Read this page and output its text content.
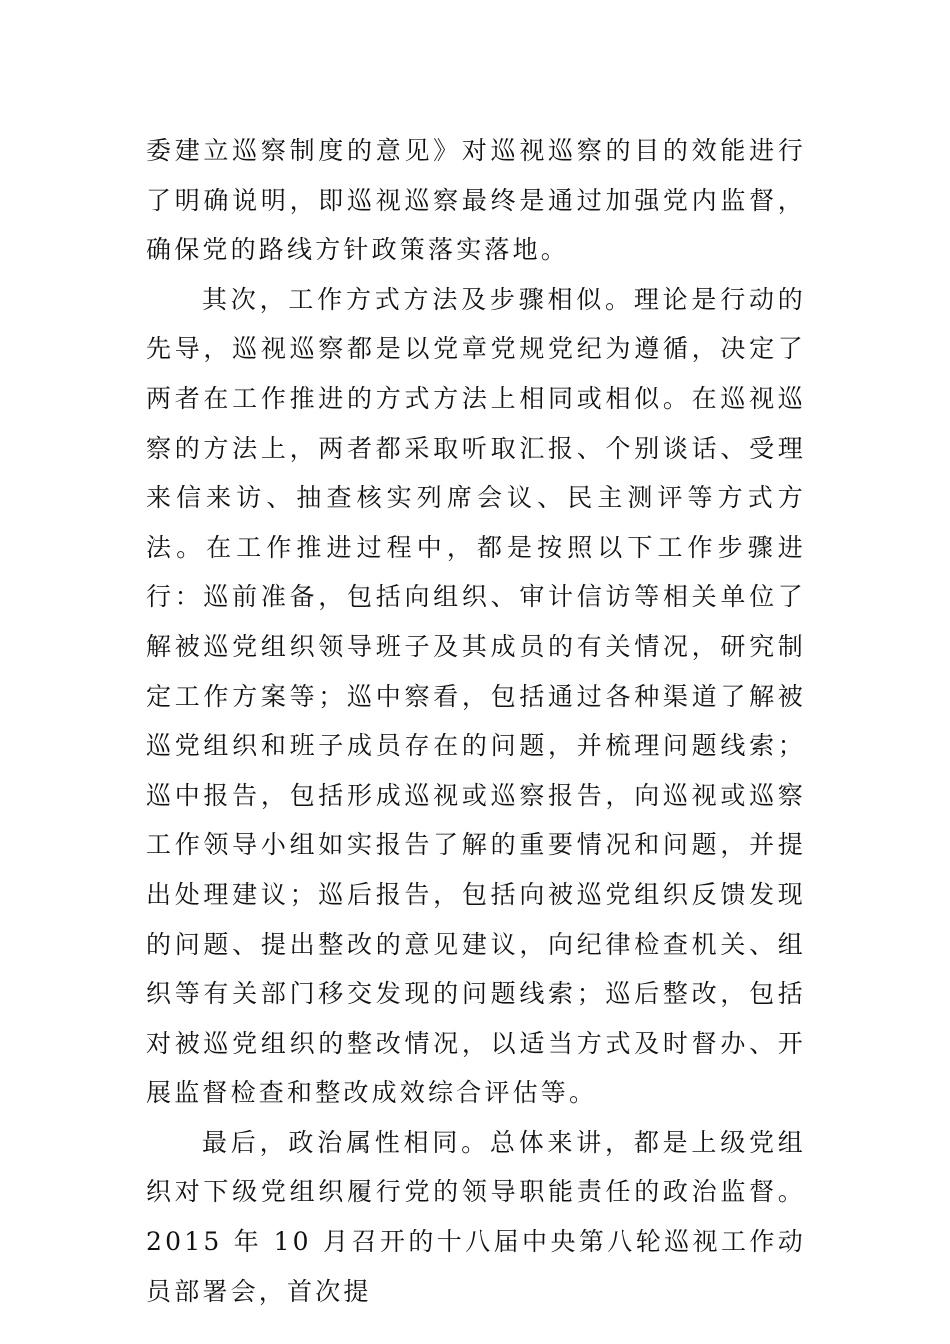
委建立巡察制度的意见》对巡视巡察的目的效能进行了明确说明，即巡视巡察最终是通过加强党内监督，确保党的路线方针政策落实落地。

其次，工作方式方法及步骤相似。理论是行动的先导，巡视巡察都是以党章党规党纪为遵循，决定了两者在工作推进的方式方法上相同或相似。在巡视巡察的方法上，两者都采取听取汇报、个别谈话、受理来信来访、抽查核实列席会议、民主测评等方式方法。在工作推进过程中，都是按照以下工作步骤进行：巡前准备，包括向组织、审计信访等相关单位了解被巡党组织领导班子及其成员的有关情况，研究制定工作方案等；巡中察看，包括通过各种渠道了解被巡党组织和班子成员存在的问题，并梳理问题线索；巡中报告，包括形成巡视或巡察报告，向巡视或巡察工作领导小组如实报告了解的重要情况和问题，并提出处理建议；巡后报告，包括向被巡党组织反馈发现的问题、提出整改的意见建议，向纪律检查机关、组织等有关部门移交发现的问题线索；巡后整改，包括对被巡党组织的整改情况，以适当方式及时督办、开展监督检查和整改成效综合评估等。

最后，政治属性相同。总体来讲，都是上级党组织对下级党组织履行党的领导职能责任的政治监督。2015 年 10 月召开的十八届中央第八轮巡视工作动员部署会，首次提
